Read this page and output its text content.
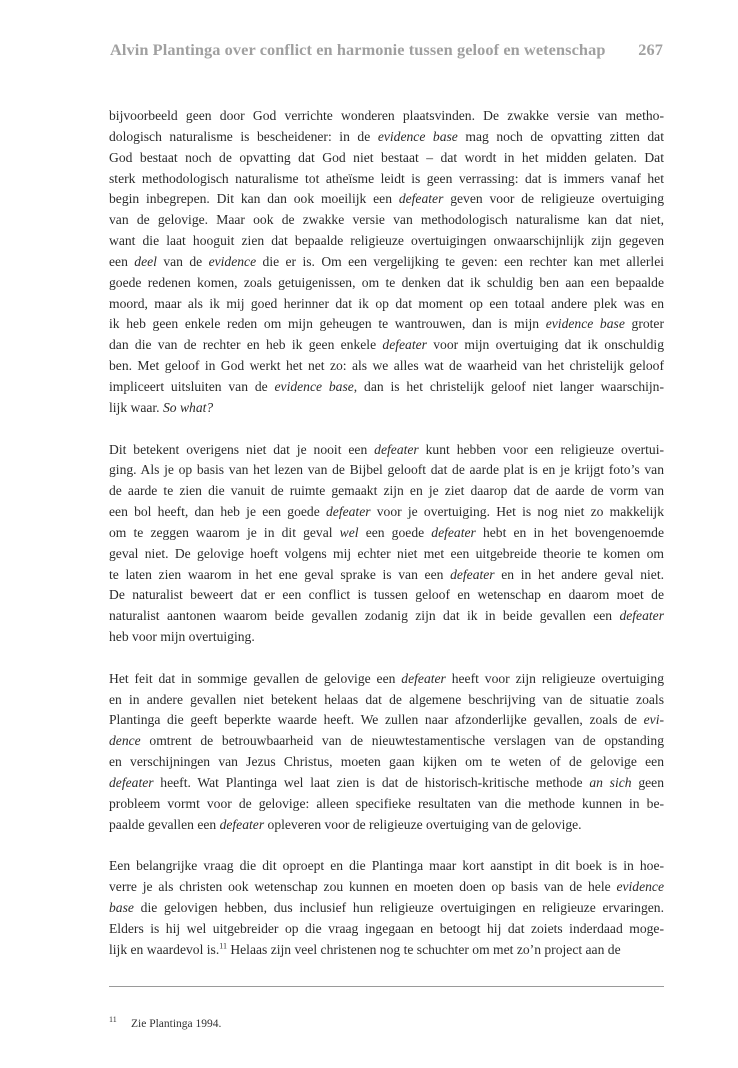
Alvin Plantinga over conflict en harmonie tussen geloof en wetenschap 267

bijvoorbeeld geen door God verrichte wonderen plaatsvinden. De zwakke versie van metho-
dologisch naturalisme is bescheidener: in de evidence base mag noch de opvatting zitten dat
God bestaat noch de opvatting dat God niet bestaat – dat wordt in het midden gelaten. Dat
sterk methodologisch naturalisme tot atheïsme leidt is geen verrassing: dat is immers vanaf het
begin inbegrepen. Dit kan dan ook moeilijk een defeater geven voor de religieuze overtuiging
van de gelovige. Maar ook de zwakke versie van methodologisch naturalisme kan dat niet,
want die laat hooguit zien dat bepaalde religieuze overtuigingen onwaarschijnlijk zijn gegeven
een deel van de evidence die er is. Om een vergelijking te geven: een rechter kan met allerlei
goede redenen komen, zoals getuigenissen, om te denken dat ik schuldig ben aan een bepaalde
moord, maar als ik mij goed herinner dat ik op dat moment op een totaal andere plek was en
ik heb geen enkele reden om mijn geheugen te wantrouwen, dan is mijn evidence base groter
dan die van de rechter en heb ik geen enkele defeater voor mijn overtuiging dat ik onschuldig
ben. Met geloof in God werkt het net zo: als we alles wat de waarheid van het christelijk geloof
impliceert uitsluiten van de evidence base, dan is het christelijk geloof niet langer waarschijn-
lijk waar. So what?

Dit betekent overigens niet dat je nooit een defeater kunt hebben voor een religieuze overtui-
ging. Als je op basis van het lezen van de Bijbel gelooft dat de aarde plat is en je krijgt foto’s van
de aarde te zien die vanuit de ruimte gemaakt zijn en je ziet daarop dat de aarde de vorm van
een bol heeft, dan heb je een goede defeater voor je overtuiging. Het is nog niet zo makkelijk
om te zeggen waarom je in dit geval wel een goede defeater hebt en in het bovengenoemde
geval niet. De gelovige hoeft volgens mij echter niet met een uitgebreide theorie te komen om
te laten zien waarom in het ene geval sprake is van een defeater en in het andere geval niet.
De naturalist beweert dat er een conflict is tussen geloof en wetenschap en daarom moet de
naturalist aantonen waarom beide gevallen zodanig zijn dat ik in beide gevallen een defeater
heb voor mijn overtuiging.

Het feit dat in sommige gevallen de gelovige een defeater heeft voor zijn religieuze overtuiging
en in andere gevallen niet betekent helaas dat de algemene beschrijving van de situatie zoals
Plantinga die geeft beperkte waarde heeft. We zullen naar afzonderlijke gevallen, zoals de evi-
dence omtrent de betrouwbaarheid van de nieuwtestamentische verslagen van de opstanding
en verschijningen van Jezus Christus, moeten gaan kijken om te weten of de gelovige een
defeater heeft. Wat Plantinga wel laat zien is dat de historisch-kritische methode an sich geen
probleem vormt voor de gelovige: alleen specifieke resultaten van die methode kunnen in be-
paalde gevallen een defeater opleveren voor de religieuze overtuiging van de gelovige.

Een belangrijke vraag die dit oproept en die Plantinga maar kort aanstipt in dit boek is in hoe-
verre je als christen ook wetenschap zou kunnen en moeten doen op basis van de hele evidence
base die gelovigen hebben, dus inclusief hun religieuze overtuigingen en religieuze ervaringen.
Elders is hij wel uitgebreider op die vraag ingegaan en betoogt hij dat zoiets inderdaad moge-
lijk en waardevol is.$^{11}$ Helaas zijn veel christenen nog te schuchter om met zo’n project aan de

11	Zie Plantinga 1994.
